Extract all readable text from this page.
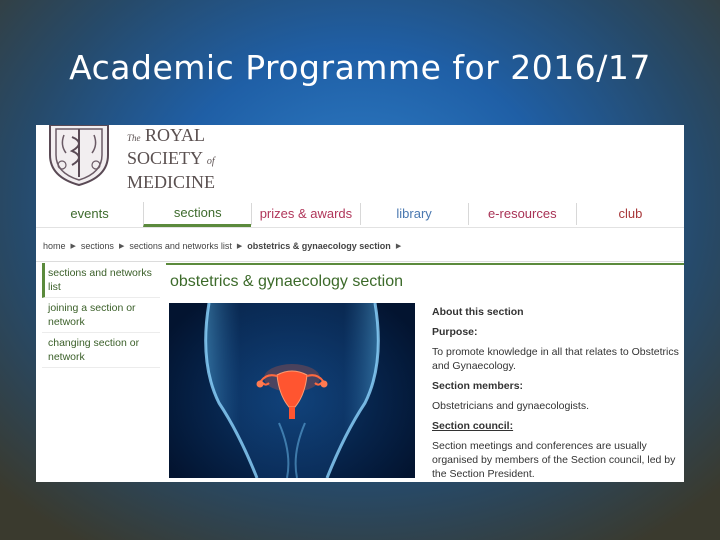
Academic Programme for 2016/17
The ROYAL
SOCIETY of
MEDICINE
events	sections	prizes & awards	library	e-resources	club
home ▶ sections ▶ sections and networks list ▶ obstetrics & gynaecology section ▶
sections and networks list
joining a section or network
changing section or network
obstetrics & gynaecology section

About this section

Purpose:

To promote knowledge in all that relates to Obstetrics and Gynaecology.

Section members:

Obstetricians and gynaecologists.

Section council:

Section meetings and conferences are usually organised by members of the Section council, led by the Section President.
